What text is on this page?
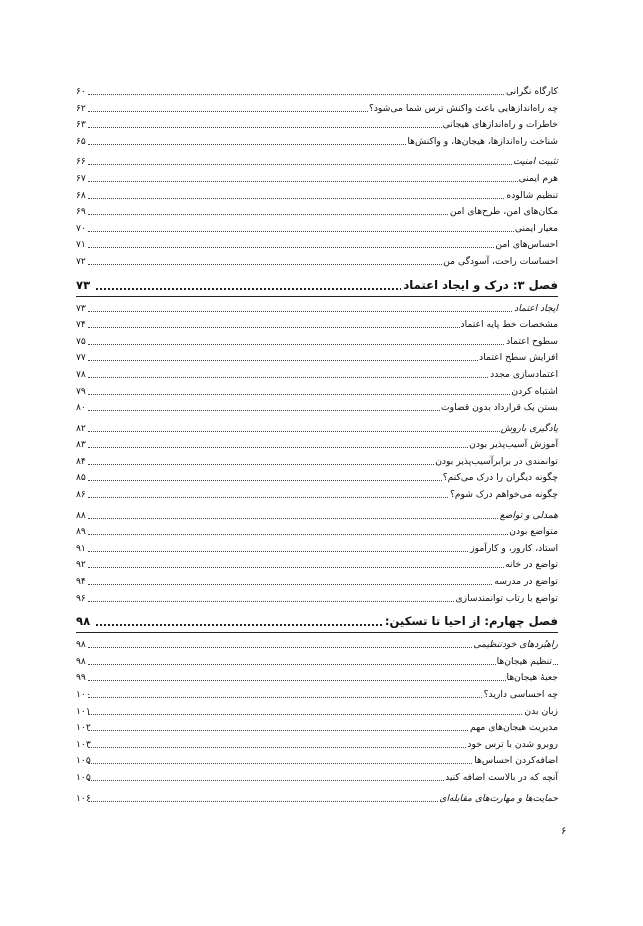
کارگاه نگرانی
۶۰
چه راه‌اندازهایی باعث واکنش ترس شما می‌شود؟
۶۲
خاطرات و راه‌اندازهای هیجانی
۶۳
شناخت راه‌اندازها، هیجان‌ها، و واکنش‌ها
۶۵
تثبیت امنیت
۶۶
هرم ایمنی
۶۷
تنظیم شالوده
۶۸
مکان‌های امن، طرح‌های امن
۶۹
معیار ایمنی
۷۰
احساس‌های امن
۷۱
احساسات راحت، آسودگی من
۷۲
فصل ۳: درک و ایجاد اعتماد
۷۳
ایجاد اعتماد
۷۳
مشخصات خط پایه اعتماد
۷۴
سطوح اعتماد
۷۵
افزایش سطح اعتماد
۷۷
اعتمادسازی مجدد
۷۸
اشتباه کردن
۷۹
بستن یک قرارداد بدون قضاوت
۸۰
یادگیری باروش
۸۲
آموزش آسیب‌پذیر بودن
۸۳
توانمندی در برابرآسیب‌پذیر بودن
۸۴
چگونه دیگران را درک می‌کنم؟
۸۵
چگونه می‌خواهم درک شوم؟
۸۶
همدلی و تواضع
۸۸
متواضع بودن
۸۹
استاد، کارور، و کارآموز
۹۱
تواضع در خانه
۹۲
تواضع در مدرسه
۹۴
تواضع با رتاب توانمندسازی
۹۶
فصل چهارم: از احیا تا تسکین:
۹۸
راهبُردهای خودتنظیمی
۹۸
تنظیم هیجان‌ها
۹۸
جعبهٔ هیجان‌ها
۹۹
چه احساسی دارید؟
۱۰۰
زبان بدن
۱۰۱
مدیریت هیجان‌های مهم
۱۰۲
روبرو شدن با ترس خود
۱۰۳
اضافه‌کردن احساس‌ها
۱۰۵
آنچه که در بالاست اضافه کنید
۱۰۵
حمایت‌ها و مهارت‌های مقابله‌ای
۱۰۶
۶
